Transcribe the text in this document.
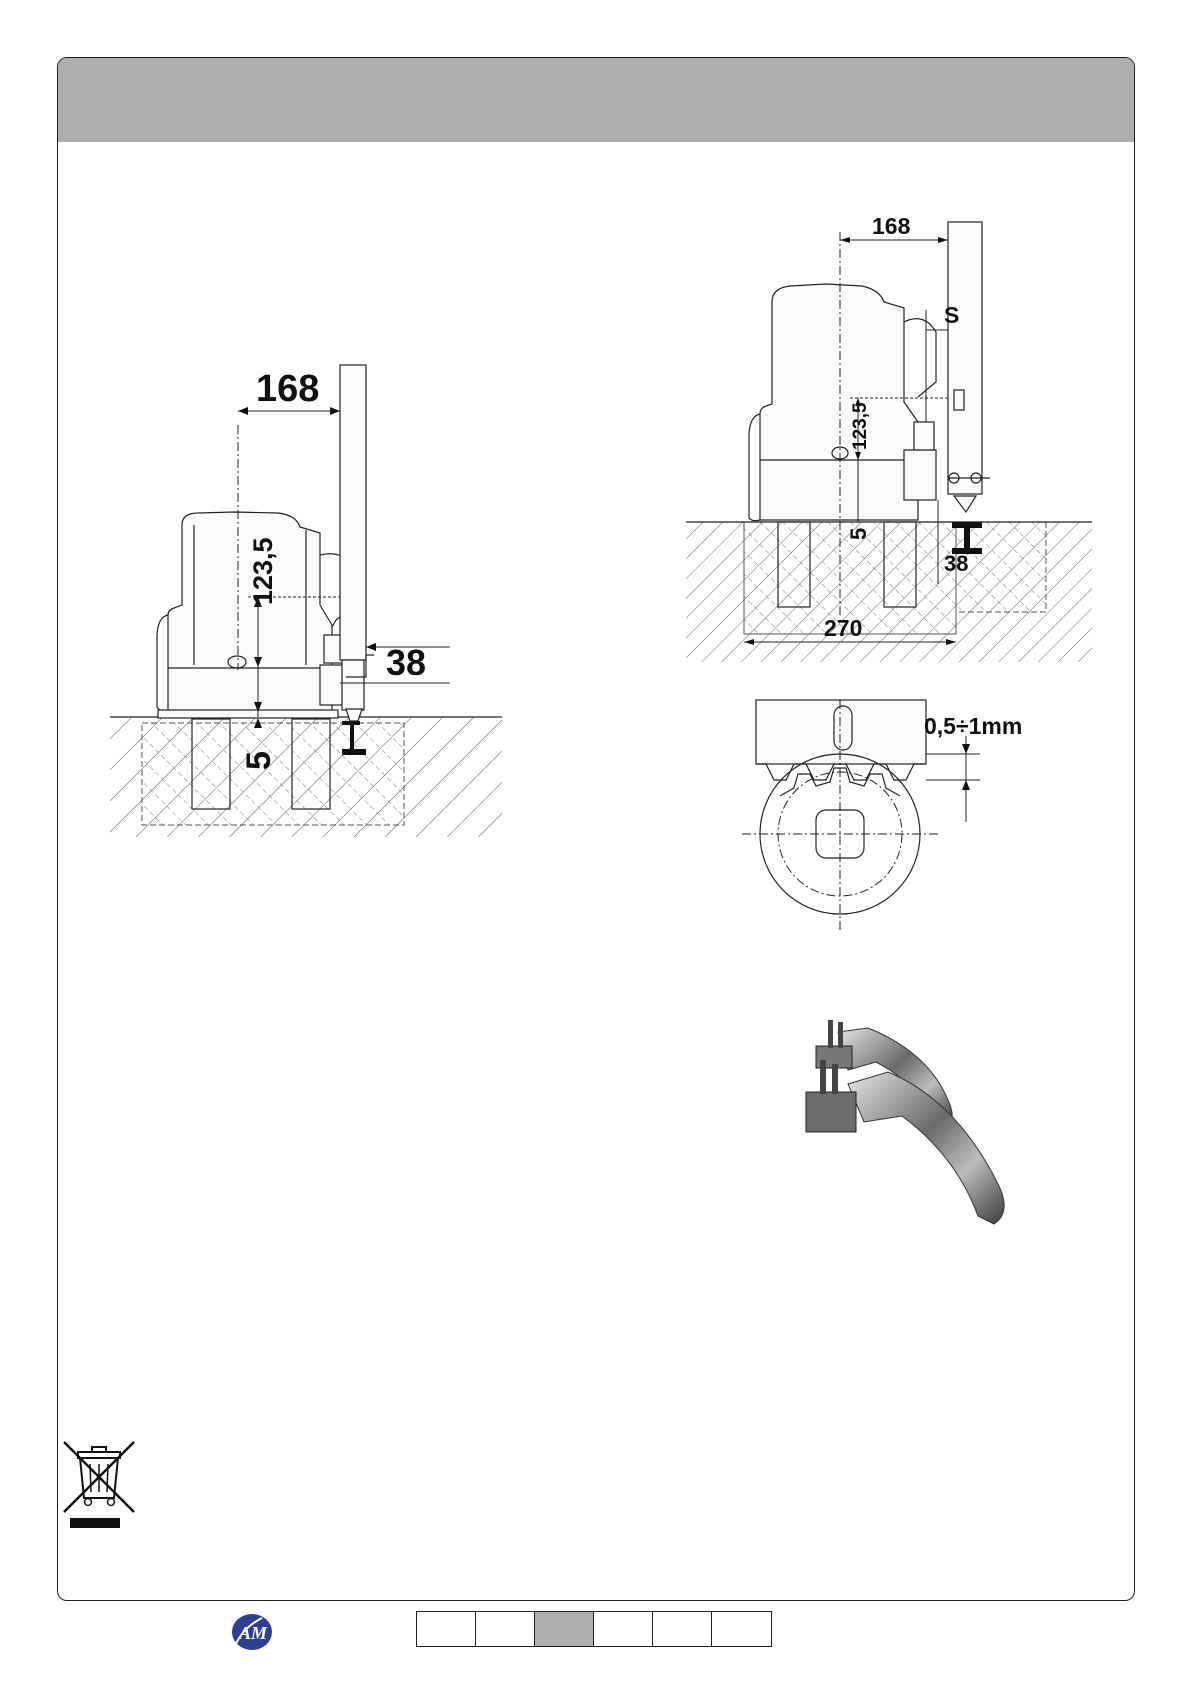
168
123,5
5
38
168
S
123,5
5
38
270
0,5÷1mm
AM
